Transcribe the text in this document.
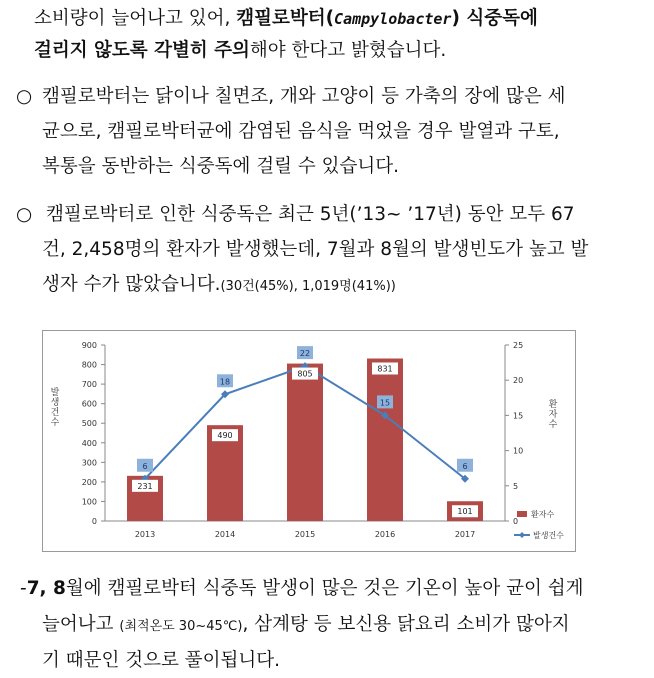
소비량이 늘어나고 있어, 캠필로박터(Campylobacter) 식중독에
걸리지 않도록 각별히 주의해야 한다고 밝혔습니다.
○ 캠필로박터는 닭이나 칠면조, 개와 고양이 등 가축의 장에 많은 세
균으로, 캠필로박터균에 감염된 음식을 먹었을 경우 발열과 구토,
복통을 동반하는 식중독에 걸릴 수 있습니다.
○ 캠필로박터로 인한 식중독은 최근 5년(’13~ ’17년) 동안 모두 67
건, 2,458명의 환자가 발생했는데, 7월과 8월의 발생빈도가 높고 발
생자 수가 많았습니다.(30건(45%), 1,019명(41%))
0
100
200
300
400
500
600
700
800
900
0
5
10
15
20
25
2013	2014	2015	2016	2017
발 생 건 수
환 자 수
231
490
805
831
101
6
18
22
15
6
환자수
발생건수
-7, 8월에 캠필로박터 식중독 발생이 많은 것은 기온이 높아 균이 쉽게
늘어나고 (최적온도 30~45℃), 삼계탕 등 보신용 닭요리 소비가 많아지
기 때문인 것으로 풀이됩니다.
